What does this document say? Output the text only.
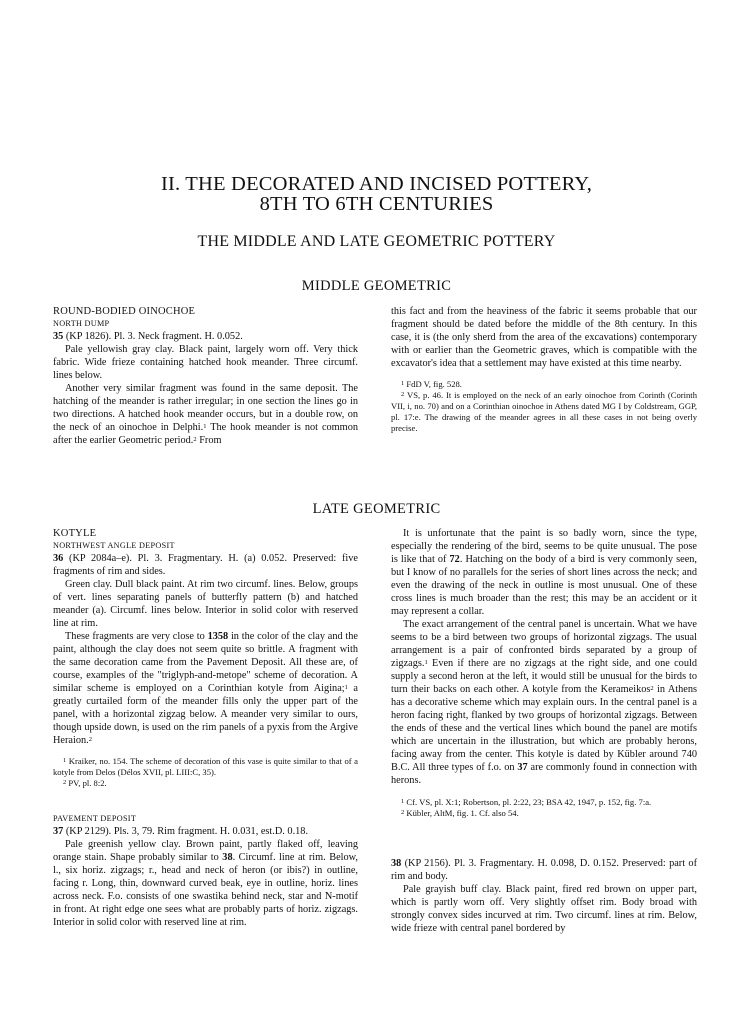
II. THE DECORATED AND INCISED POTTERY,
8TH TO 6TH CENTURIES
THE MIDDLE AND LATE GEOMETRIC POTTERY
MIDDLE GEOMETRIC

ROUND-BODIED OINOCHOE

NORTH DUMP

35 (KP 1826). Pl. 3. Neck fragment. H. 0.052.

Pale yellowish gray clay. Black paint, largely worn off. Very thick fabric. Wide frieze containing hatched hook meander. Three circumf. lines below.

Another very similar fragment was found in the same deposit. The hatching of the meander is rather irregular; in one section the lines go in two directions. A hatched hook meander occurs, but in a double row, on the neck of an oinochoe in Delphi.$^1$ The hook meander is not common after the earlier Geometric period.$^2$ From

this fact and from the heaviness of the fabric it seems probable that our fragment should be dated before the middle of the 8th century. In this case, it is (the only sherd from the area of the excavations) contemporary with or earlier than the Geometric graves, which is compatible with the excavator's idea that a settlement may have existed at this time nearby.

$^1$ FdD V, fig. 528.

$^2$ VS, p. 46. It is employed on the neck of an early oinochoe from Corinth (Corinth VII, i, no. 70) and on a Corinthian oinochoe in Athens dated MG I by Coldstream, GGP, pl. 17:e. The drawing of the meander agrees in all these cases in not being overly precise.

LATE GEOMETRIC

KOTYLE

NORTHWEST ANGLE DEPOSIT

36 (KP 2084a–e). Pl. 3. Fragmentary. H. (a) 0.052. Preserved: five fragments of rim and sides.

Green clay. Dull black paint. At rim two circumf. lines. Below, groups of vert. lines separating panels of butterfly pattern (b) and hatched meander (a). Circumf. lines below. Interior in solid color with reserved line at rim.

These fragments are very close to 1358 in the color of the clay and the paint, although the clay does not seem quite so brittle. A fragment with the same decoration came from the Pavement Deposit. All these are, of course, examples of the "triglyph-and-metope" scheme of decoration. A similar scheme is employed on a Corinthian kotyle from Aigina;$^1$ a greatly curtailed form of the meander fills only the upper part of the panel, with a horizontal zigzag below. A meander very similar to ours, though upside down, is used on the rim panels of a pyxis from the Argive Heraion.$^2$

$^1$ Kraiker, no. 154. The scheme of decoration of this vase is quite similar to that of a kotyle from Delos (Délos XVII, pl. LIII:C, 35).

$^2$ PV, pl. 8:2.

PAVEMENT DEPOSIT

37 (KP 2129). Pls. 3, 79. Rim fragment. H. 0.031, est.D. 0.18.

Pale greenish yellow clay. Brown paint, partly flaked off, leaving orange stain. Shape probably similar to 38. Circumf. line at rim. Below, l., six horiz. zigzags; r., head and neck of heron (or ibis?) in outline, facing r. Long, thin, downward curved beak, eye in outline, horiz. lines across neck. F.o. consists of one swastika behind neck, star and N-motif in front. At right edge one sees what are probably parts of horiz. zigzags. Interior in solid color with reserved line at rim.

It is unfortunate that the paint is so badly worn, since the type, especially the rendering of the bird, seems to be quite unusual. The pose is like that of 72. Hatching on the body of a bird is very commonly seen, but I know of no parallels for the series of short lines across the neck; and even the drawing of the neck in outline is most unusual. One of these cross lines is much broader than the rest; this may be an accident or it may represent a collar.

The exact arrangement of the central panel is uncertain. What we have seems to be a bird between two groups of horizontal zigzags. The usual arrangement is a pair of confronted birds separated by a group of zigzags.$^1$ Even if there are no zigzags at the right side, and one could supply a second heron at the left, it would still be unusual for the birds to turn their backs on each other. A kotyle from the Kerameikos$^2$ in Athens has a decorative scheme which may explain ours. In the central panel is a heron facing right, flanked by two groups of horizontal zigzags. Between the ends of these and the vertical lines which bound the panel are motifs which are uncertain in the illustration, but which are probably herons, facing away from the center. This kotyle is dated by Kübler around 740 B.C. All three types of f.o. on 37 are commonly found in connection with herons.

$^1$ Cf. VS, pl. X:1; Robertson, pl. 2:22, 23; BSA 42, 1947, p. 152, fig. 7:a.

$^2$ Kübler, AltM, fig. 1. Cf. also 54.

38 (KP 2156). Pl. 3. Fragmentary. H. 0.098, D. 0.152. Preserved: part of rim and body.

Pale grayish buff clay. Black paint, fired red brown on upper part, which is partly worn off. Very slightly offset rim. Body broad with strongly convex sides incurved at rim. Two circumf. lines at rim. Below, wide frieze with central panel bordered by
